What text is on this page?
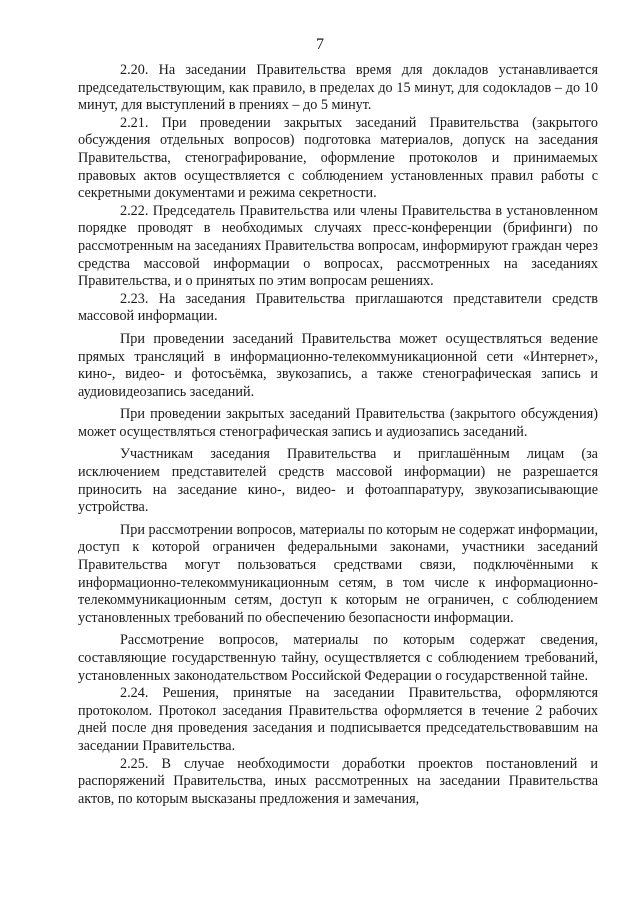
7

2.20. На заседании Правительства время для докладов устанавливается председательствующим, как правило, в пределах до 15 минут, для содокладов – до 10 минут, для выступлений в прениях – до 5 минут.

2.21. При проведении закрытых заседаний Правительства (закрытого обсуждения отдельных вопросов) подготовка материалов, допуск на заседания Правительства, стенографирование, оформление протоколов и принимаемых правовых актов осуществляется с соблюдением установленных правил работы с секретными документами и режима секретности.

2.22. Председатель Правительства или члены Правительства в установленном порядке проводят в необходимых случаях пресс-конференции (брифинги) по рассмотренным на заседаниях Правительства вопросам, информируют граждан через средства массовой информации о вопросах, рассмотренных на заседаниях Правительства, и о принятых по этим вопросам решениях.

2.23. На заседания Правительства приглашаются представители средств массовой информации.

При проведении заседаний Правительства может осуществляться ведение прямых трансляций в информационно-телекоммуникационной сети «Интернет», кино-, видео- и фотосъёмка, звукозапись, а также стенографическая запись и аудиовидеозапись заседаний.

При проведении закрытых заседаний Правительства (закрытого обсуждения) может осуществляться стенографическая запись и аудиозапись заседаний.

Участникам заседания Правительства и приглашённым лицам (за исключением представителей средств массовой информации) не разрешается приносить на заседание кино-, видео- и фотоаппаратуру, звукозаписывающие устройства.

При рассмотрении вопросов, материалы по которым не содержат информации, доступ к которой ограничен федеральными законами, участники заседаний Правительства могут пользоваться средствами связи, подключёнными к информационно-телекоммуникационным сетям, в том числе к информационно-телекоммуникационным сетям, доступ к которым не ограничен, с соблюдением установленных требований по обеспечению безопасности информации.

Рассмотрение вопросов, материалы по которым содержат сведения, составляющие государственную тайну, осуществляется с соблюдением требований, установленных законодательством Российской Федерации о государственной тайне.

2.24. Решения, принятые на заседании Правительства, оформляются протоколом. Протокол заседания Правительства оформляется в течение 2 рабочих дней после дня проведения заседания и подписывается председательствовавшим на заседании Правительства.

2.25. В случае необходимости доработки проектов постановлений и распоряжений Правительства, иных рассмотренных на заседании Правительства актов, по которым высказаны предложения и замечания,
